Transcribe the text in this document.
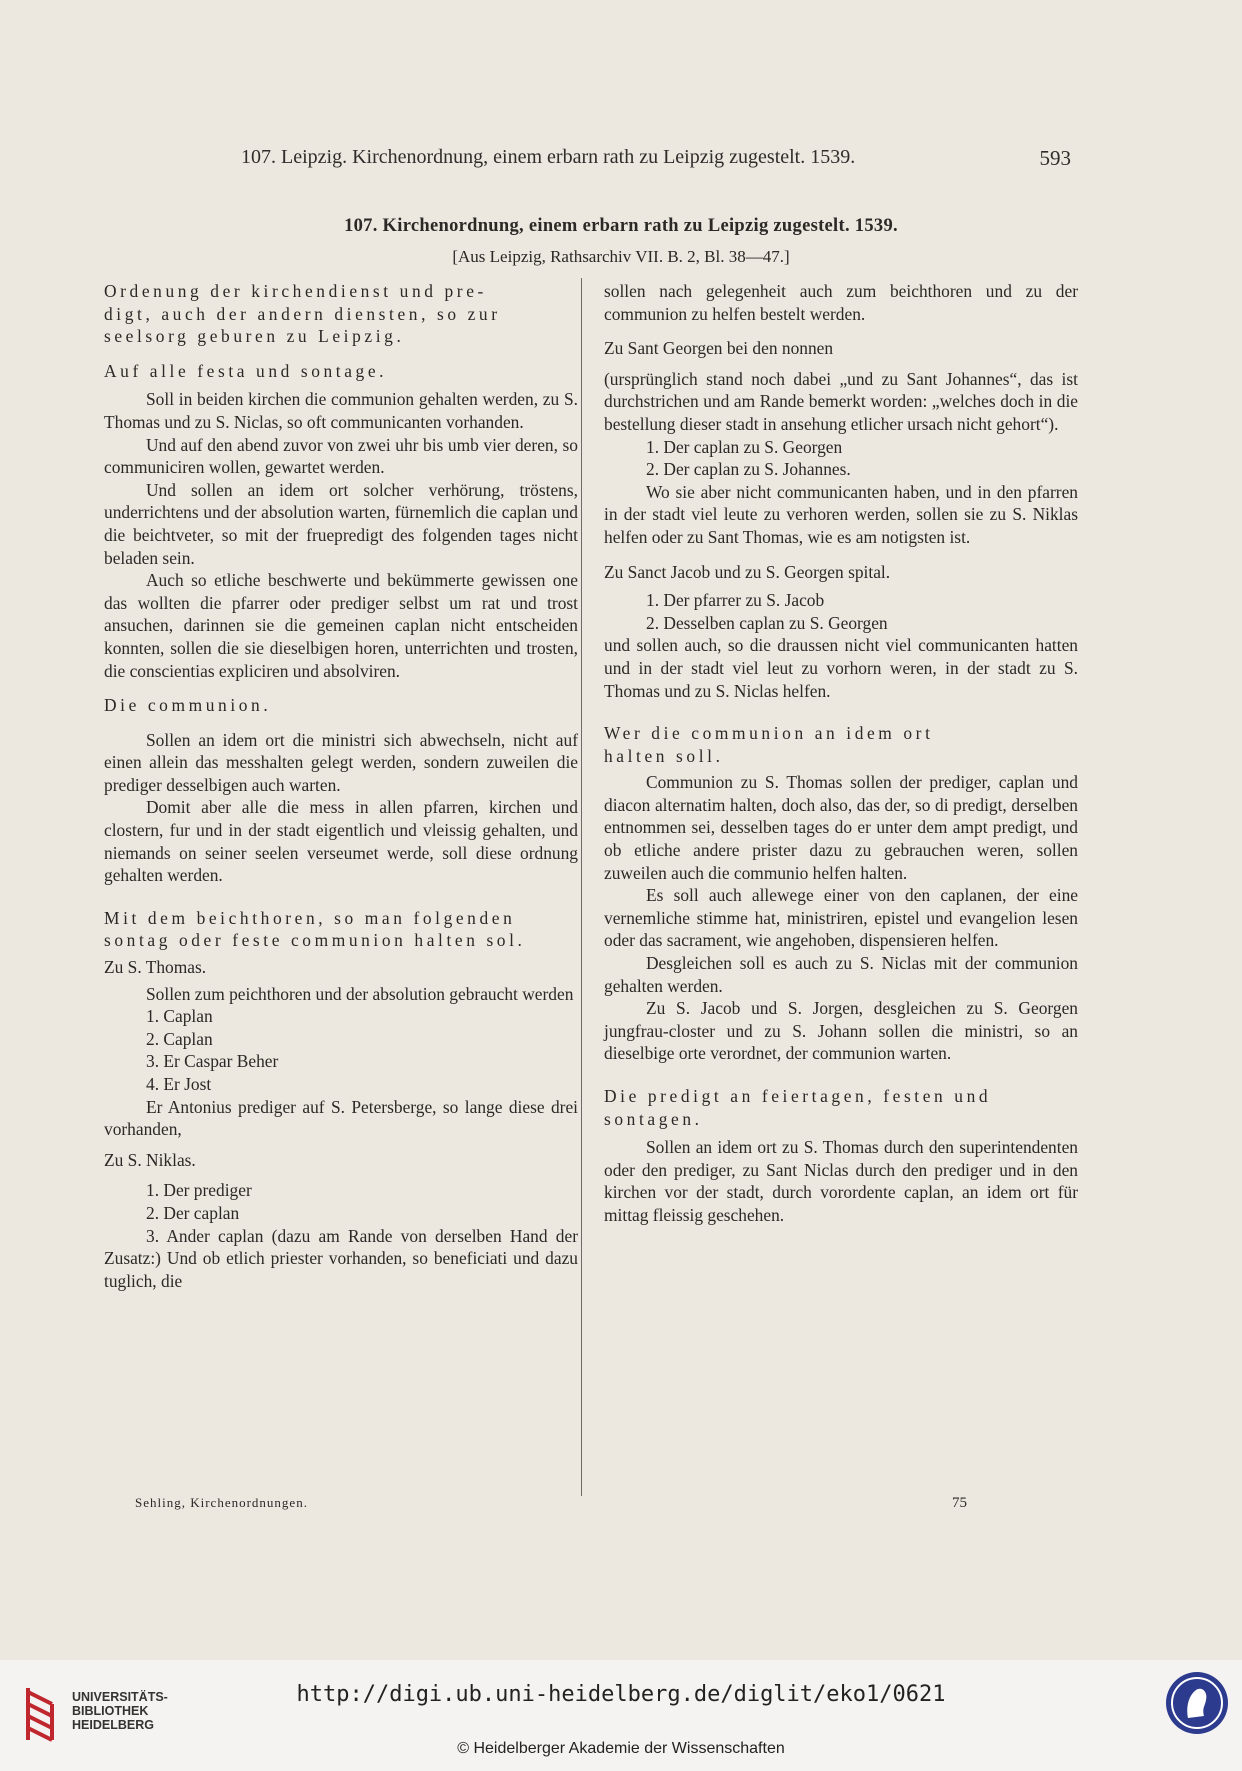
107. Leipzig. Kirchenordnung, einem erbarn rath zu Leipzig zugestelt. 1539.	593
107. Kirchenordnung, einem erbarn rath zu Leipzig zugestelt. 1539.
[Aus Leipzig, Rathsarchiv VII. B. 2, Bl. 38—47.]

Ordenung der kirchendienst und pre-

digt, auch der andern diensten, so zur

seelsorg geburen zu Leipzig.

Auf alle festa und sontage.

Soll in beiden kirchen die communion gehalten werden, zu S. Thomas und zu S. Niclas, so oft communicanten vorhanden.

Und auf den abend zuvor von zwei uhr bis umb vier deren, so communiciren wollen, gewartet werden.

Und sollen an idem ort solcher verhörung, tröstens, underrichtens und der absolution warten, fürnemlich die caplan und die beichtveter, so mit der fruepredigt des folgenden tages nicht beladen sein.

Auch so etliche beschwerte und bekümmerte gewissen one das wollten die pfarrer oder prediger selbst um rat und trost ansuchen, darinnen sie die gemeinen caplan nicht entscheiden konnten, sollen die sie dieselbigen horen, unterrichten und trosten, die conscientias expliciren und absolviren.

Die communion.

Sollen an idem ort die ministri sich abwechseln, nicht auf einen allein das messhalten gelegt werden, sondern zuweilen die prediger desselbigen auch warten.

Domit aber alle die mess in allen pfarren, kirchen und clostern, fur und in der stadt eigentlich und vleissig gehalten, und niemands on seiner seelen verseumet werde, soll diese ordnung gehalten werden.

Mit dem beichthoren, so man folgenden

sontag oder feste communion halten sol.

Zu S. Thomas.

Sollen zum peichthoren und der absolution gebraucht werden

1. Caplan

2. Caplan

3. Er Caspar Beher

4. Er Jost

Er Antonius prediger auf S. Petersberge, so lange diese drei vorhanden,

Zu S. Niklas.

1. Der prediger

2. Der caplan

3. Ander caplan (dazu am Rande von derselben Hand der Zusatz:) Und ob etlich priester vorhanden, so beneficiati und dazu tuglich, die

sollen nach gelegenheit auch zum beichthoren und zu der communion zu helfen bestelt werden.

Zu Sant Georgen bei den nonnen

(ursprünglich stand noch dabei „und zu Sant Johannes“, das ist durchstrichen und am Rande bemerkt worden: „welches doch in die bestellung dieser stadt in ansehung etlicher ursach nicht gehort“).

1. Der caplan zu S. Georgen

2. Der caplan zu S. Johannes.

Wo sie aber nicht communicanten haben, und in den pfarren in der stadt viel leute zu verhoren werden, sollen sie zu S. Niklas helfen oder zu Sant Thomas, wie es am notigsten ist.

Zu Sanct Jacob und zu S. Georgen spital.

1. Der pfarrer zu S. Jacob

2. Desselben caplan zu S. Georgen

und sollen auch, so die draussen nicht viel communicanten hatten und in der stadt viel leut zu vorhorn weren, in der stadt zu S. Thomas und zu S. Niclas helfen.

Wer die communion an idem ort

halten soll.

Communion zu S. Thomas sollen der prediger, caplan und diacon alternatim halten, doch also, das der, so di predigt, derselben entnommen sei, desselben tages do er unter dem ampt predigt, und ob etliche andere prister dazu zu gebrauchen weren, sollen zuweilen auch die communio helfen halten.

Es soll auch allewege einer von den caplanen, der eine vernemliche stimme hat, ministriren, epistel und evangelion lesen oder das sacrament, wie angehoben, dispensieren helfen.

Desgleichen soll es auch zu S. Niclas mit der communion gehalten werden.

Zu S. Jacob und S. Jorgen, desgleichen zu S. Georgen jungfrau-closter und zu S. Johann sollen die ministri, so an dieselbige orte verordnet, der communion warten.

Die predigt an feiertagen, festen und

sontagen.

Sollen an idem ort zu S. Thomas durch den superintendenten oder den prediger, zu Sant Niclas durch den prediger und in den kirchen vor der stadt, durch vorordente caplan, an idem ort für mittag fleissig geschehen.

Sehling, Kirchenordnungen.	75
UNIVERSITÄTS-
BIBLIOTHEK
HEIDELBERG
http://digi.ub.uni-heidelberg.de/diglit/eko1/0621
© Heidelberger Akademie der Wissenschaften
